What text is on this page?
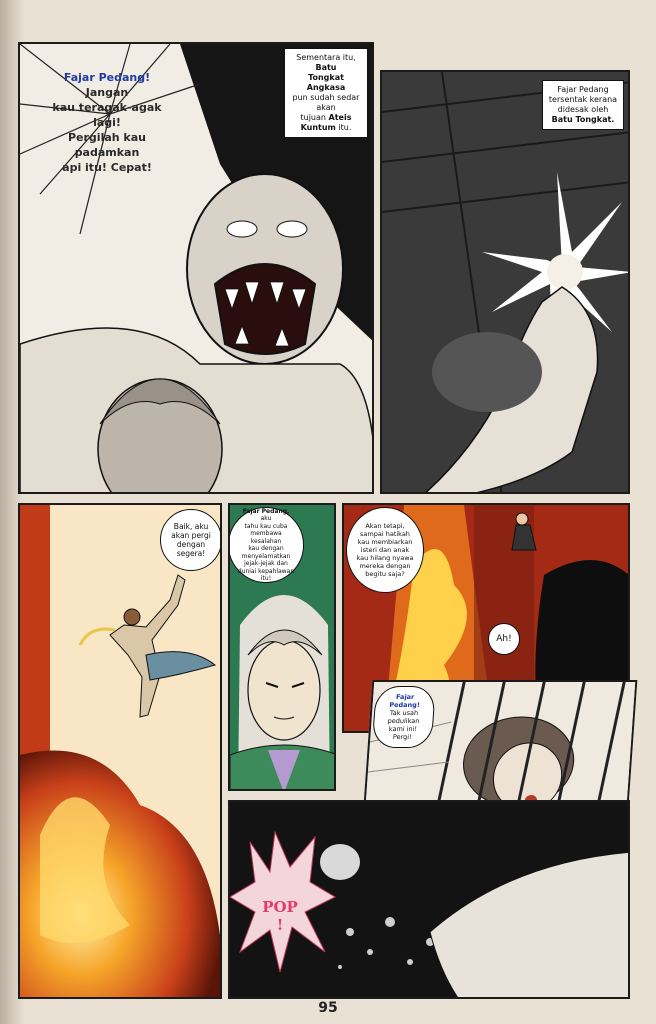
Fajar Pedang! Jangan
kau teragak-agak lagi!
Pergilah kau padamkan
api itu! Cepat!
Sementara itu, Batu
Tongkat Angkasa
pun sudah sedar akan
tujuan Ateis
Kuntum itu.
Fajar Pedang
tersentak kerana
didesak oleh
Batu Tongkat.
Baik, aku
akan pergi
dengan
segera!
Fajar Pedang, aku
tahu kau cuba
membawa kesalahan
kau dengan
menyelamatkan
jejak-jejak dan
duniai kepahlawan
itu!
Akan tetapi,
sampai hatikah
kau membiarkan
isteri dan anak
kau hilang nyawa
mereka dengan
begitu saja?
Ah!
Fajar Pedang!
Tak usah
pedulikan
kami ini!
Pergi!
POP
!
95
